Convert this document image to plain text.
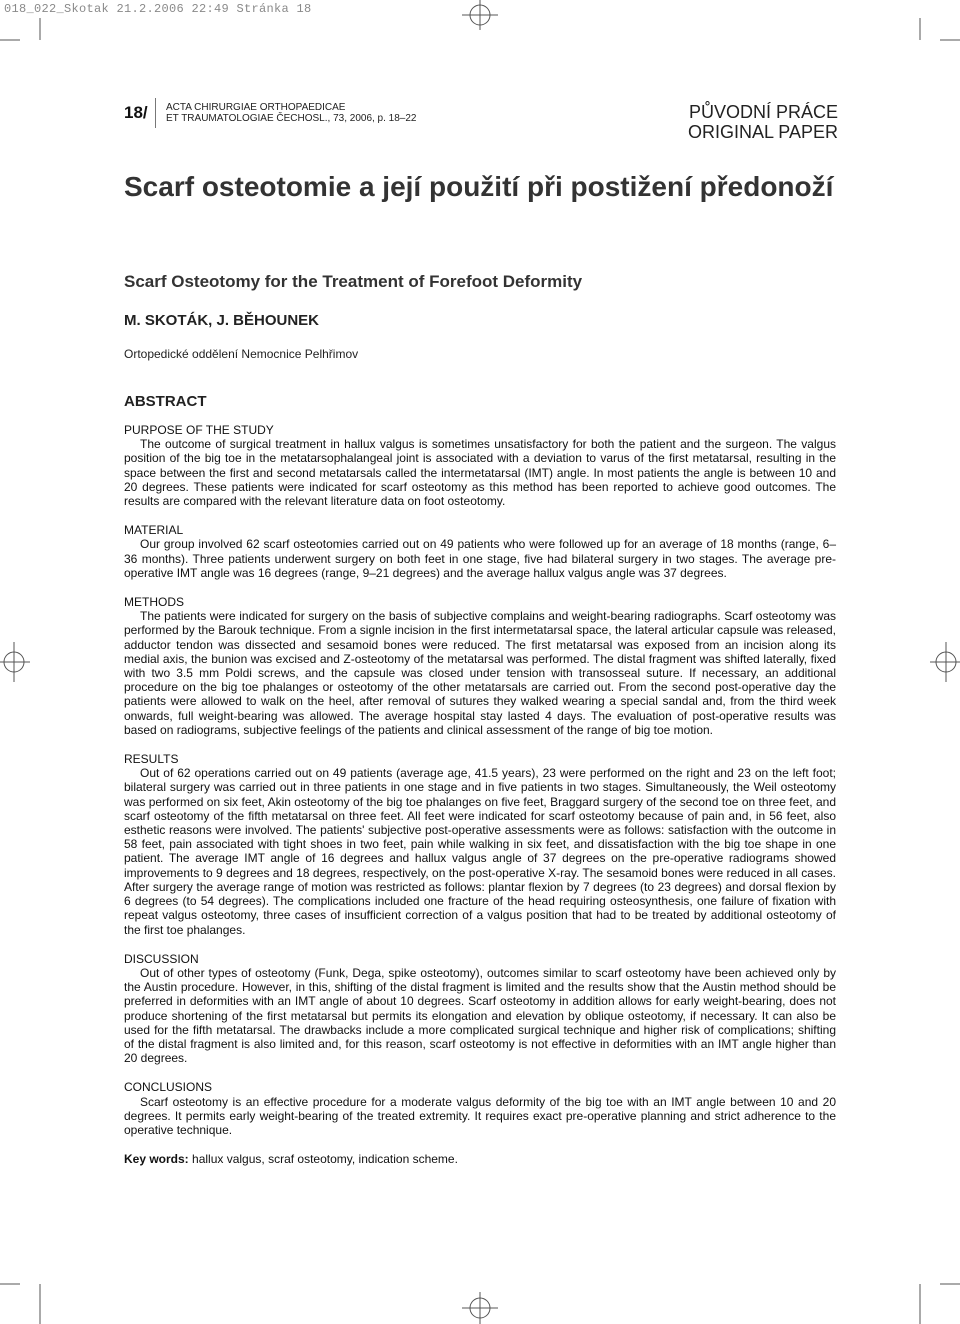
018_022_Skotak 21.2.2006 22:49 Stránka 18
18/ ACTA CHIRURGIAE ORTHOPAEDICAE
ET TRAUMATOLOGIAE ČECHOSL., 73, 2006, p. 18–22	PŮVODNÍ PRÁCE
ORIGINAL PAPER
Scarf osteotomie a její použití při postižení předonoží
Scarf Osteotomy for the Treatment of Forefoot Deformity
M. SKOTÁK, J. BĚHOUNEK
Ortopedické oddělení Nemocnice Pelhřimov
ABSTRACT
PURPOSE OF THE STUDY

The outcome of surgical treatment in hallux valgus is sometimes unsatisfactory for both the patient and the surgeon. The valgus position of the big toe in the metatarsophalangeal joint is associated with a deviation to varus of the first metatarsal, resulting in the space between the first and second metatarsals called the intermetatarsal (IMT) angle. In most patients the angle is between 10 and 20 degrees. These patients were indicated for scarf osteotomy as this method has been reported to achieve good outcomes. The results are compared with the relevant literature data on foot osteotomy.

MATERIAL

Our group involved 62 scarf osteotomies carried out on 49 patients who were followed up for an average of 18 months (range, 6–36 months). Three patients underwent surgery on both feet in one stage, five had bilateral surgery in two stages. The average pre-operative IMT angle was 16 degrees (range, 9–21 degrees) and the average hallux valgus angle was 37 degrees.

METHODS

The patients were indicated for surgery on the basis of subjective complains and weight-bearing radiographs. Scarf osteotomy was performed by the Barouk technique. From a signle incision in the first intermetatarsal space, the lateral articular capsule was released, adductor tendon was dissected and sesamoid bones were reduced. The first metatarsal was exposed from an incision along its medial axis, the bunion was excised and Z-osteotomy of the metatarsal was performed. The distal fragment was shifted laterally, fixed with two 3.5 mm Poldi screws, and the capsule was closed under tension with transosseal suture. If necessary, an additional procedure on the big toe phalanges or osteotomy of the other metatarsals are carried out. From the second post-operative day the patients were allowed to walk on the heel, after removal of sutures they walked wearing a special sandal and, from the third week onwards, full weight-bearing was allowed. The average hospital stay lasted 4 days. The evaluation of post-operative results was based on radiograms, subjective feelings of the patients and clinical assessment of the range of big toe motion.

RESULTS

Out of 62 operations carried out on 49 patients (average age, 41.5 years), 23 were performed on the right and 23 on the left foot; bilateral surgery was carried out in three patients in one stage and in five patients in two stages. Simultaneously, the Weil osteotomy was performed on six feet, Akin osteotomy of the big toe phalanges on five feet, Braggard surgery of the second toe on three feet, and scarf osteotomy of the fifth metatarsal on three feet. All feet were indicated for scarf osteotomy because of pain and, in 56 feet, also esthetic reasons were involved. The patients' subjective post-operative assessments were as follows: satisfaction with the outcome in 58 feet, pain associated with tight shoes in two feet, pain while walking in six feet, and dissatisfaction with the big toe shape in one patient. The average IMT angle of 16 degrees and hallux valgus angle of 37 degrees on the pre-operative radiograms showed improvements to 9 degrees and 18 degrees, respectively, on the post-operative X-ray. The sesamoid bones were reduced in all cases. After surgery the average range of motion was restricted as follows: plantar flexion by 7 degrees (to 23 degrees) and dorsal flexion by 6 degrees (to 54 degrees). The complications included one fracture of the head requiring osteosynthesis, one failure of fixation with repeat valgus osteotomy, three cases of insufficient correction of a valgus position that had to be treated by additional osteotomy of the first toe phalanges.

DISCUSSION

Out of other types of osteotomy (Funk, Dega, spike osteotomy), outcomes similar to scarf osteotomy have been achieved only by the Austin procedure. However, in this, shifting of the distal fragment is limited and the results show that the Austin method should be preferred in deformities with an IMT angle of about 10 degrees. Scarf osteotomy in addition allows for early weight-bearing, does not produce shortening of the first metatarsal but permits its elongation and elevation by oblique osteotomy, if necessary. It can also be used for the fifth metatarsal. The drawbacks include a more complicated surgical technique and higher risk of complications; shifting of the distal fragment is also limited and, for this reason, scarf osteotomy is not effective in deformities with an IMT angle higher than 20 degrees.

CONCLUSIONS

Scarf osteotomy is an effective procedure for a moderate valgus deformity of the big toe with an IMT angle between 10 and 20 degrees. It permits early weight-bearing of the treated extremity. It requires exact pre-operative planning and strict adherence to the operative technique.

Key words: hallux valgus, scraf osteotomy, indication scheme.
